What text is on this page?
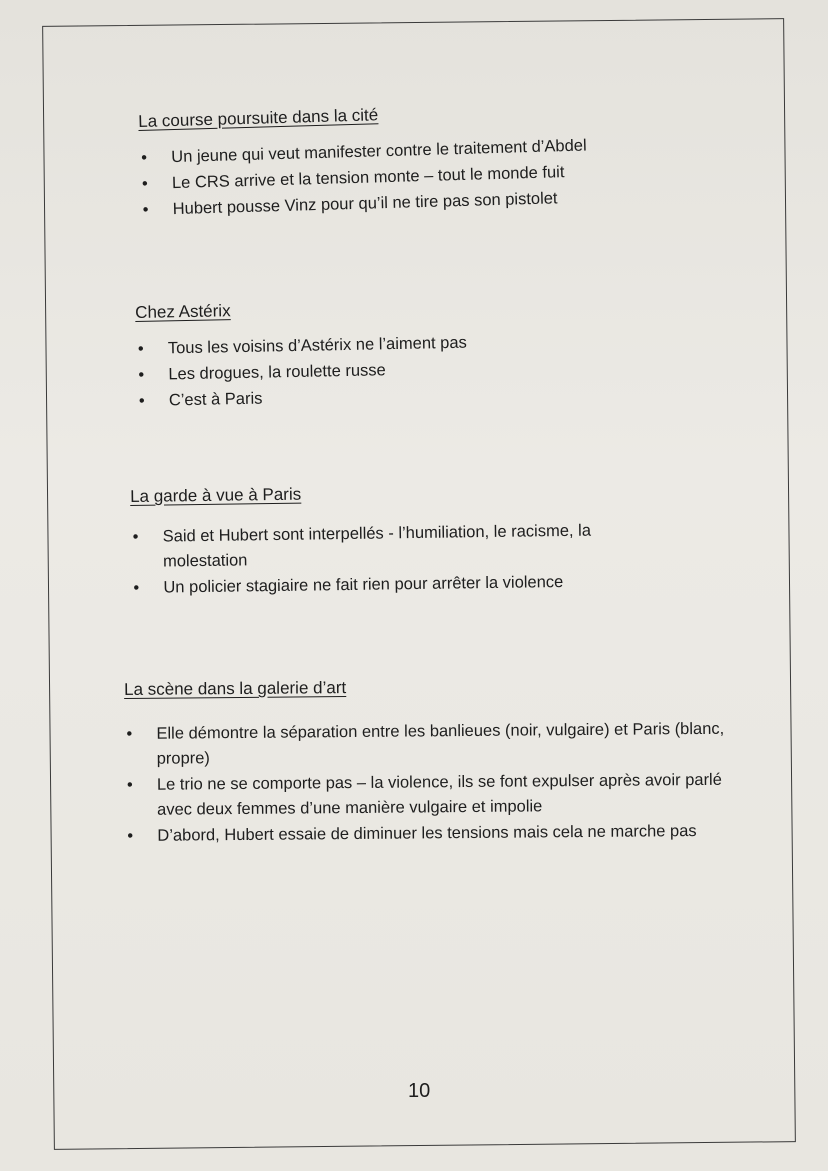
La course poursuite dans la cité
• Un jeune qui veut manifester contre le traitement d’Abdel
• Le CRS arrive et la tension monte – tout le monde fuit
• Hubert pousse Vinz pour qu’il ne tire pas son pistolet
Chez Astérix
• Tous les voisins d’Astérix ne l’aiment pas
• Les drogues, la roulette russe
• C’est à Paris
La garde à vue à Paris
• Said et Hubert sont interpellés - l’humiliation, le racisme, la molestation
• Un policier stagiaire ne fait rien pour arrêter la violence
La scène dans la galerie d’art
• Elle démontre la séparation entre les banlieues (noir, vulgaire) et Paris (blanc, propre)
• Le trio ne se comporte pas – la violence, ils se font expulser après avoir parlé avec deux femmes d’une manière vulgaire et impolie
• D’abord, Hubert essaie de diminuer les tensions mais cela ne marche pas
10
